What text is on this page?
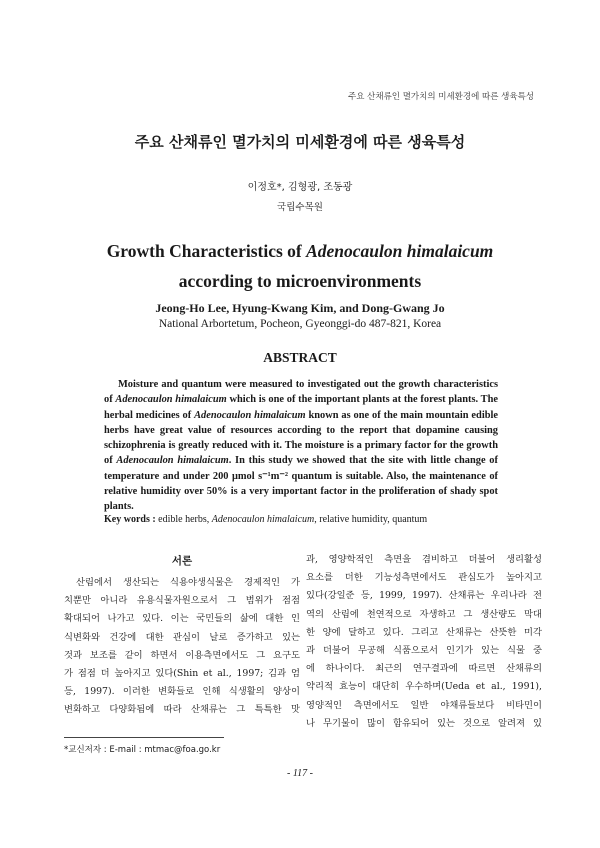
주요 산채류인 멸가치의 미세환경에 따른 생육특성
주요 산채류인 멸가치의 미세환경에 따른 생육특성
이정호*, 김형광, 조동광
국립수목원
Growth Characteristics of Adenocaulon himalaicum
according to microenvironments
Jeong-Ho Lee, Hyung-Kwang Kim, and Dong-Gwang Jo
National Arbortetum, Pocheon, Gyeonggi-do 487-821, Korea
ABSTRACT

Moisture and quantum were measured to investigated out the growth characteristics of Adenocaulon himalaicum which is one of the important plants at the forest plants. The herbal medicines of Adenocaulon himalaicum known as one of the main mountain edible herbs have great value of resources according to the report that dopamine causing schizophrenia is greatly reduced with it. The moisture is a primary factor for the growth of Adenocaulon himalaicum. In this study we showed that the site with little change of temperature and under 200 μmol s⁻¹m⁻² quantum is suitable. Also, the maintenance of relative humidity over 50% is a very important factor in the proliferation of shady spot plants.

Key words : edible herbs, Adenocaulon himalaicum, relative humidity, quantum
서론
산림에서 생산되는 식용야생식물은 경제적인 가
치뿐만 아니라 유용식물자원으로서 그 범위가 점점
확대되어 나가고 있다. 이는 국민들의 삶에 대한 인
식변화와 건강에 대한 관심이 날로 증가하고 있는
것과 보조를 같이 하면서 이용측면에서도 그 요구도
가 점점 더 높아지고 있다(Shin et al., 1997; 김과 엄
등, 1997). 이러한 변화들로 인해 식생활의 양상이
변화하고 다양화됨에 따라 산채류는 그 특특한 맛
과, 영양학적인 측면을 겸비하고 더불어 생리활성
요소를 더한 기능성측면에서도 관심도가 높아지고
있다(강일준 등, 1999, 1997). 산채류는 우리나라 전
역의 산림에 천연적으로 자생하고 그 생산량도 막대
한 양에 달하고 있다. 그리고 산채류는 산뜻한 미각
과 더불어 무공해 식품으로서 인기가 있는 식물 중
에 하나이다. 최근의 연구결과에 따르면 산채류의
약리적 효능이 대단히 우수하며(Ueda et al., 1991),
영양적인 측면에서도 일반 야채류들보다 비타민이
나 무기물이 많이 함유되어 있는 것으로 알려져 있
*교신저자 : E-mail : mtmac@foa.go.kr
- 117 -
